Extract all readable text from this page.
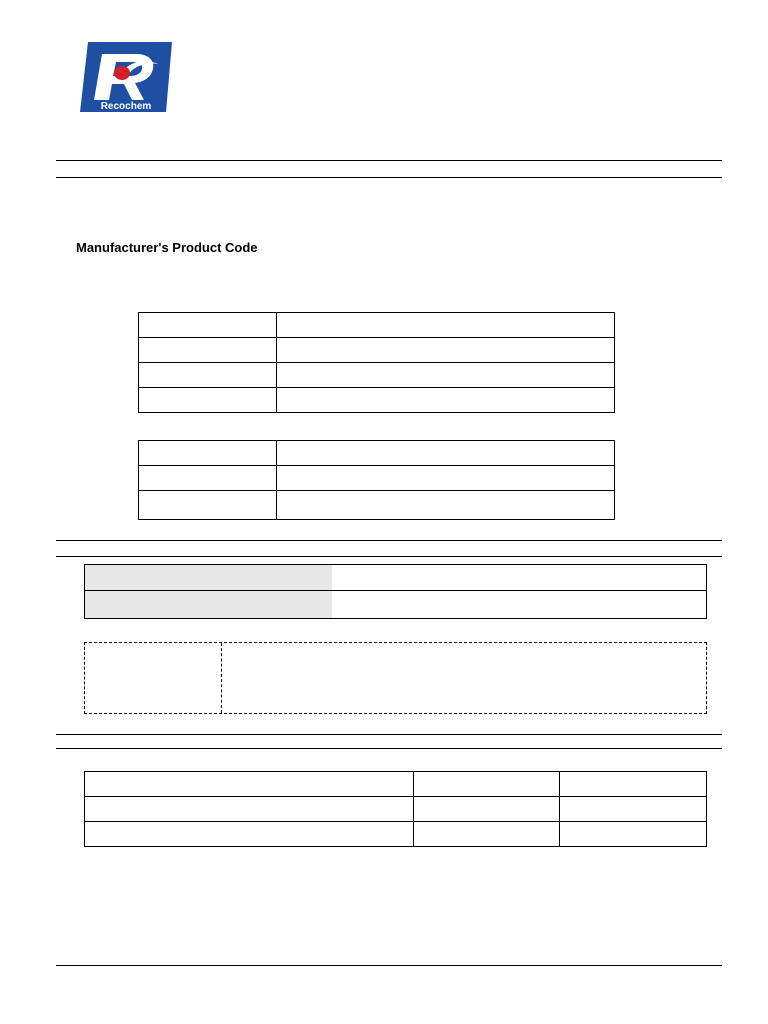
Recochem
Manufacturer's Product Code
